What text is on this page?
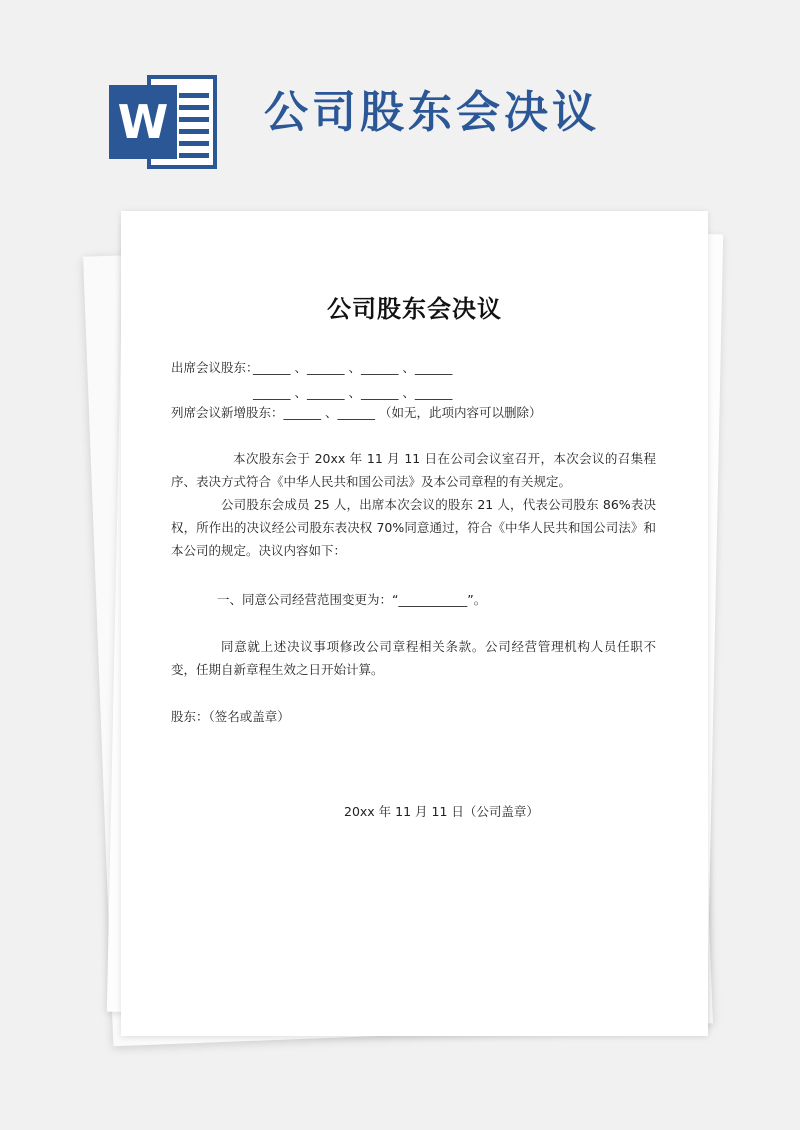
W 公司股东会决议
公司股东会决议
出席会议股东：
______ 、______ 、______ 、______
______ 、______ 、______ 、______
列席会议新增股东：______ 、______ （如无，此项内容可以删除）
本次股东会于 20xx 年 11 月 11 日在公司会议室召开，本次会议的召集程序、表决方式符合《中华人民共和国公司法》及本公司章程的有关规定。
公司股东会成员 25 人，出席本次会议的股东 21 人，代表公司股东 86%表决权，所作出的决议经公司股东表决权 70%同意通过，符合《中华人民共和国公司法》和本公司的规定。决议内容如下：
一、同意公司经营范围变更为：“___________”。
同意就上述决议事项修改公司章程相关条款。公司经营管理机构人员任职不变，任期自新章程生效之日开始计算。
股东：（签名或盖章）
20xx 年 11 月 11 日（公司盖章）
